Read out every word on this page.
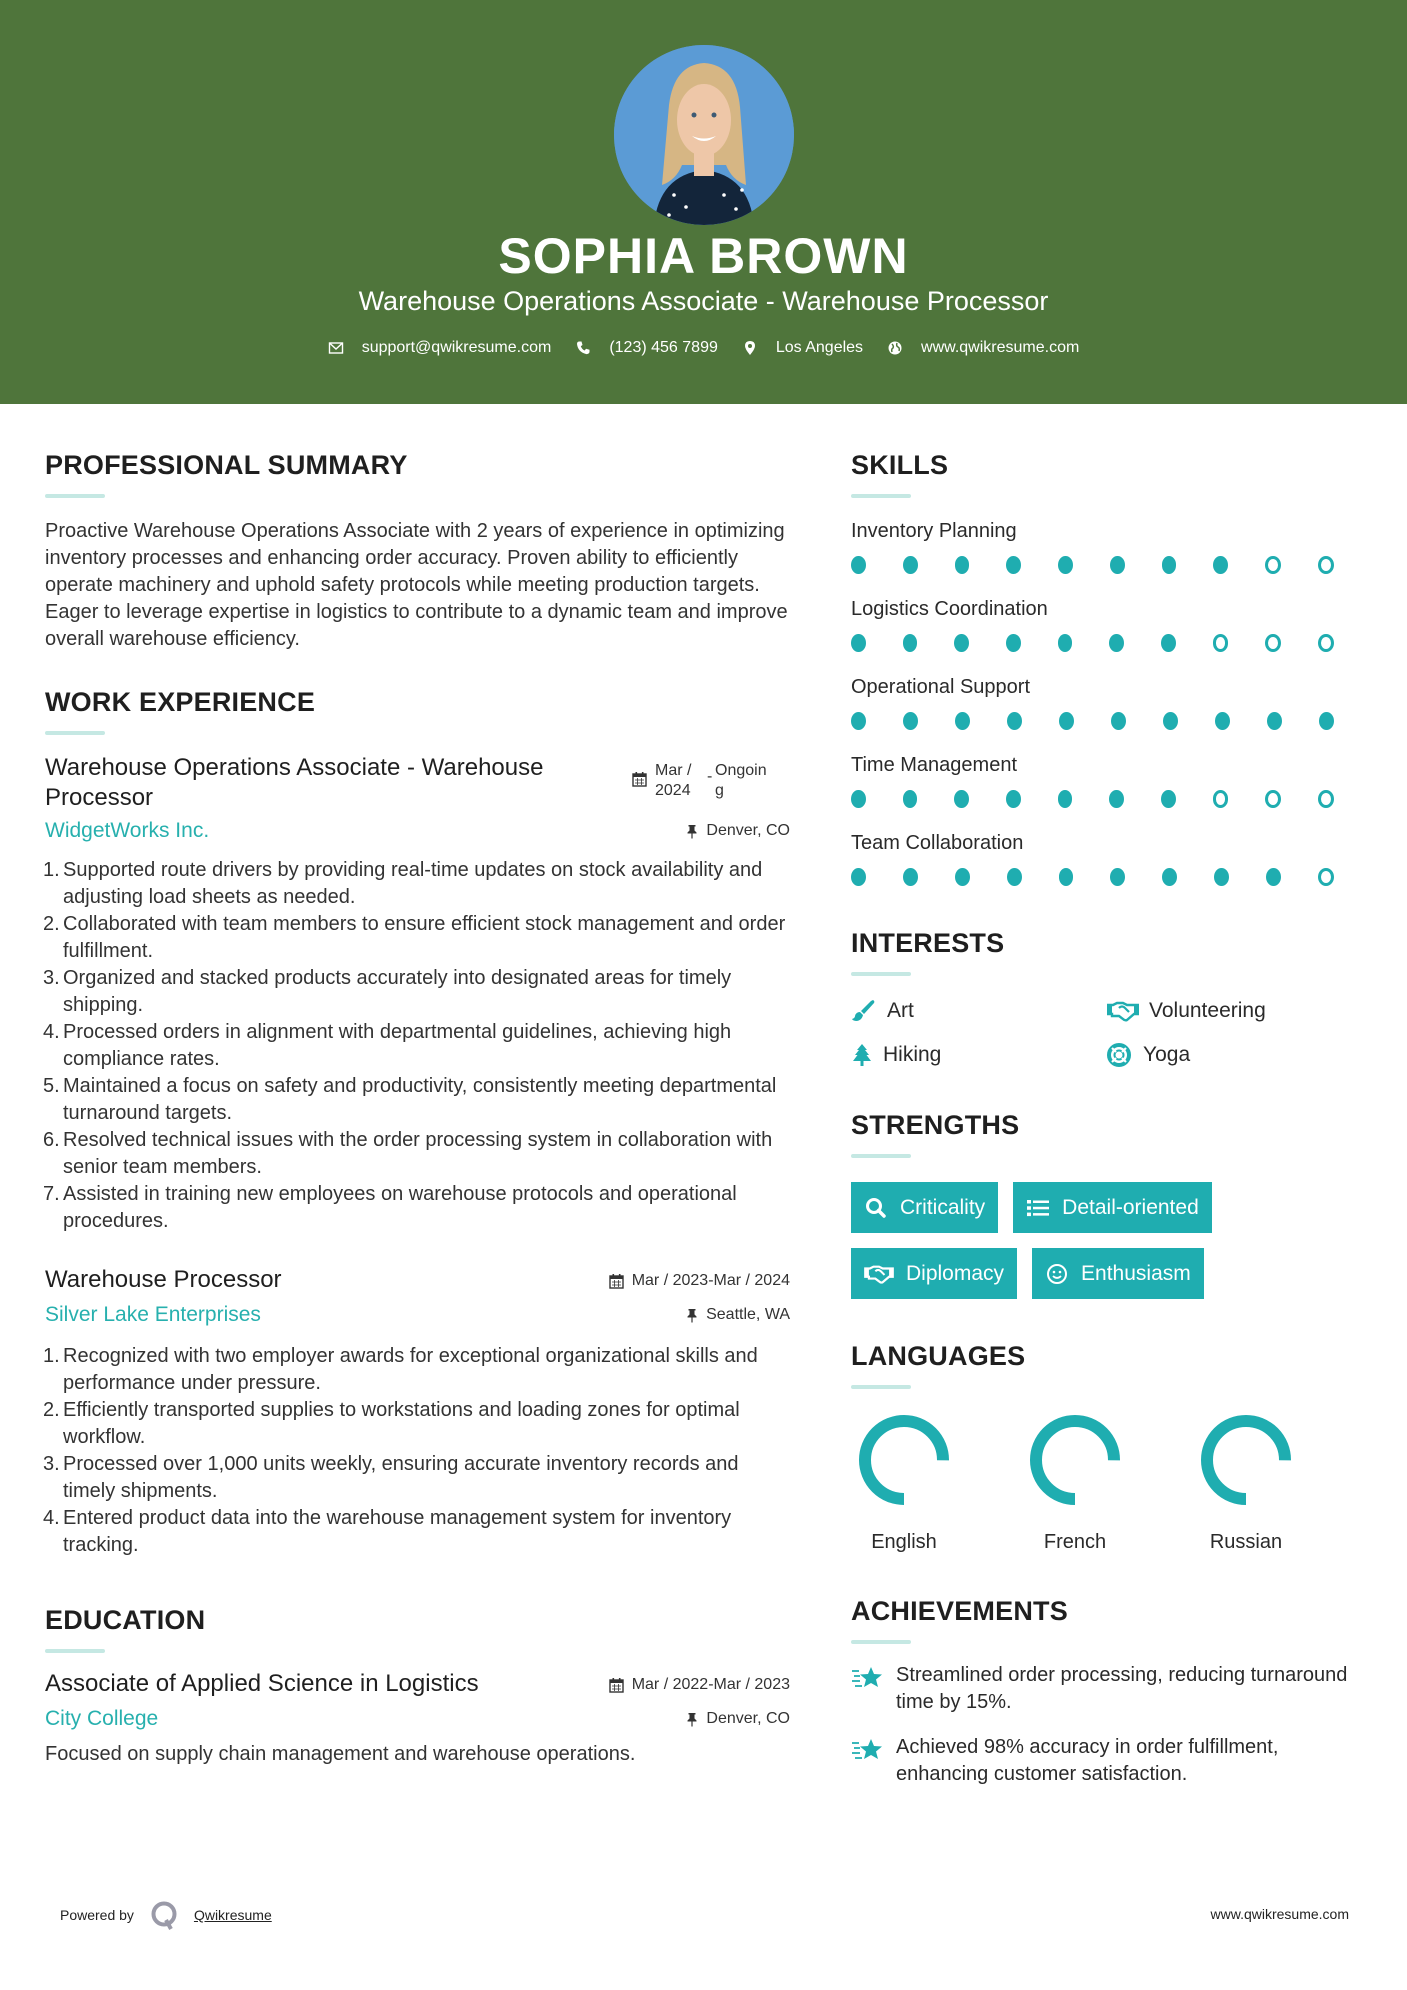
SOPHIA BROWN
Warehouse Operations Associate - Warehouse Processor
support@qwikresume.com	(123) 456 7899	Los Angeles	www.qwikresume.com
PROFESSIONAL SUMMARY
Proactive Warehouse Operations Associate with 2 years of experience in optimizing inventory processes and enhancing order accuracy. Proven ability to efficiently operate machinery and uphold safety protocols while meeting production targets. Eager to leverage expertise in logistics to contribute to a dynamic team and improve overall warehouse efficiency.
WORK EXPERIENCE
Warehouse Operations Associate - Warehouse Processor
Mar / 2024
- Ongoing
WidgetWorks Inc.	Denver, CO
Supported route drivers by providing real-time updates on stock availability and adjusting load sheets as needed.
Collaborated with team members to ensure efficient stock management and order fulfillment.
Organized and stacked products accurately into designated areas for timely shipping.
Processed orders in alignment with departmental guidelines, achieving high compliance rates.
Maintained a focus on safety and productivity, consistently meeting departmental turnaround targets.
Resolved technical issues with the order processing system in collaboration with senior team members.
Assisted in training new employees on warehouse protocols and operational procedures.
Warehouse Processor	Mar / 2023-Mar / 2024
Silver Lake Enterprises	Seattle, WA
Recognized with two employer awards for exceptional organizational skills and performance under pressure.
Efficiently transported supplies to workstations and loading zones for optimal workflow.
Processed over 1,000 units weekly, ensuring accurate inventory records and timely shipments.
Entered product data into the warehouse management system for inventory tracking.
EDUCATION
Associate of Applied Science in Logistics	Mar / 2022-Mar / 2023
City College	Denver, CO
Focused on supply chain management and warehouse operations.
SKILLS
Inventory Planning
Logistics Coordination
Operational Support
Time Management
Team Collaboration
INTERESTS
Art	Volunteering
Hiking	Yoga
STRENGTHS
Criticality	Detail-oriented
Diplomacy	Enthusiasm
LANGUAGES
English	French	Russian
ACHIEVEMENTS
Streamlined order processing, reducing turnaround time by 15%.
Achieved 98% accuracy in order fulfillment, enhancing customer satisfaction.
Powered by	Qwikresume	www.qwikresume.com
